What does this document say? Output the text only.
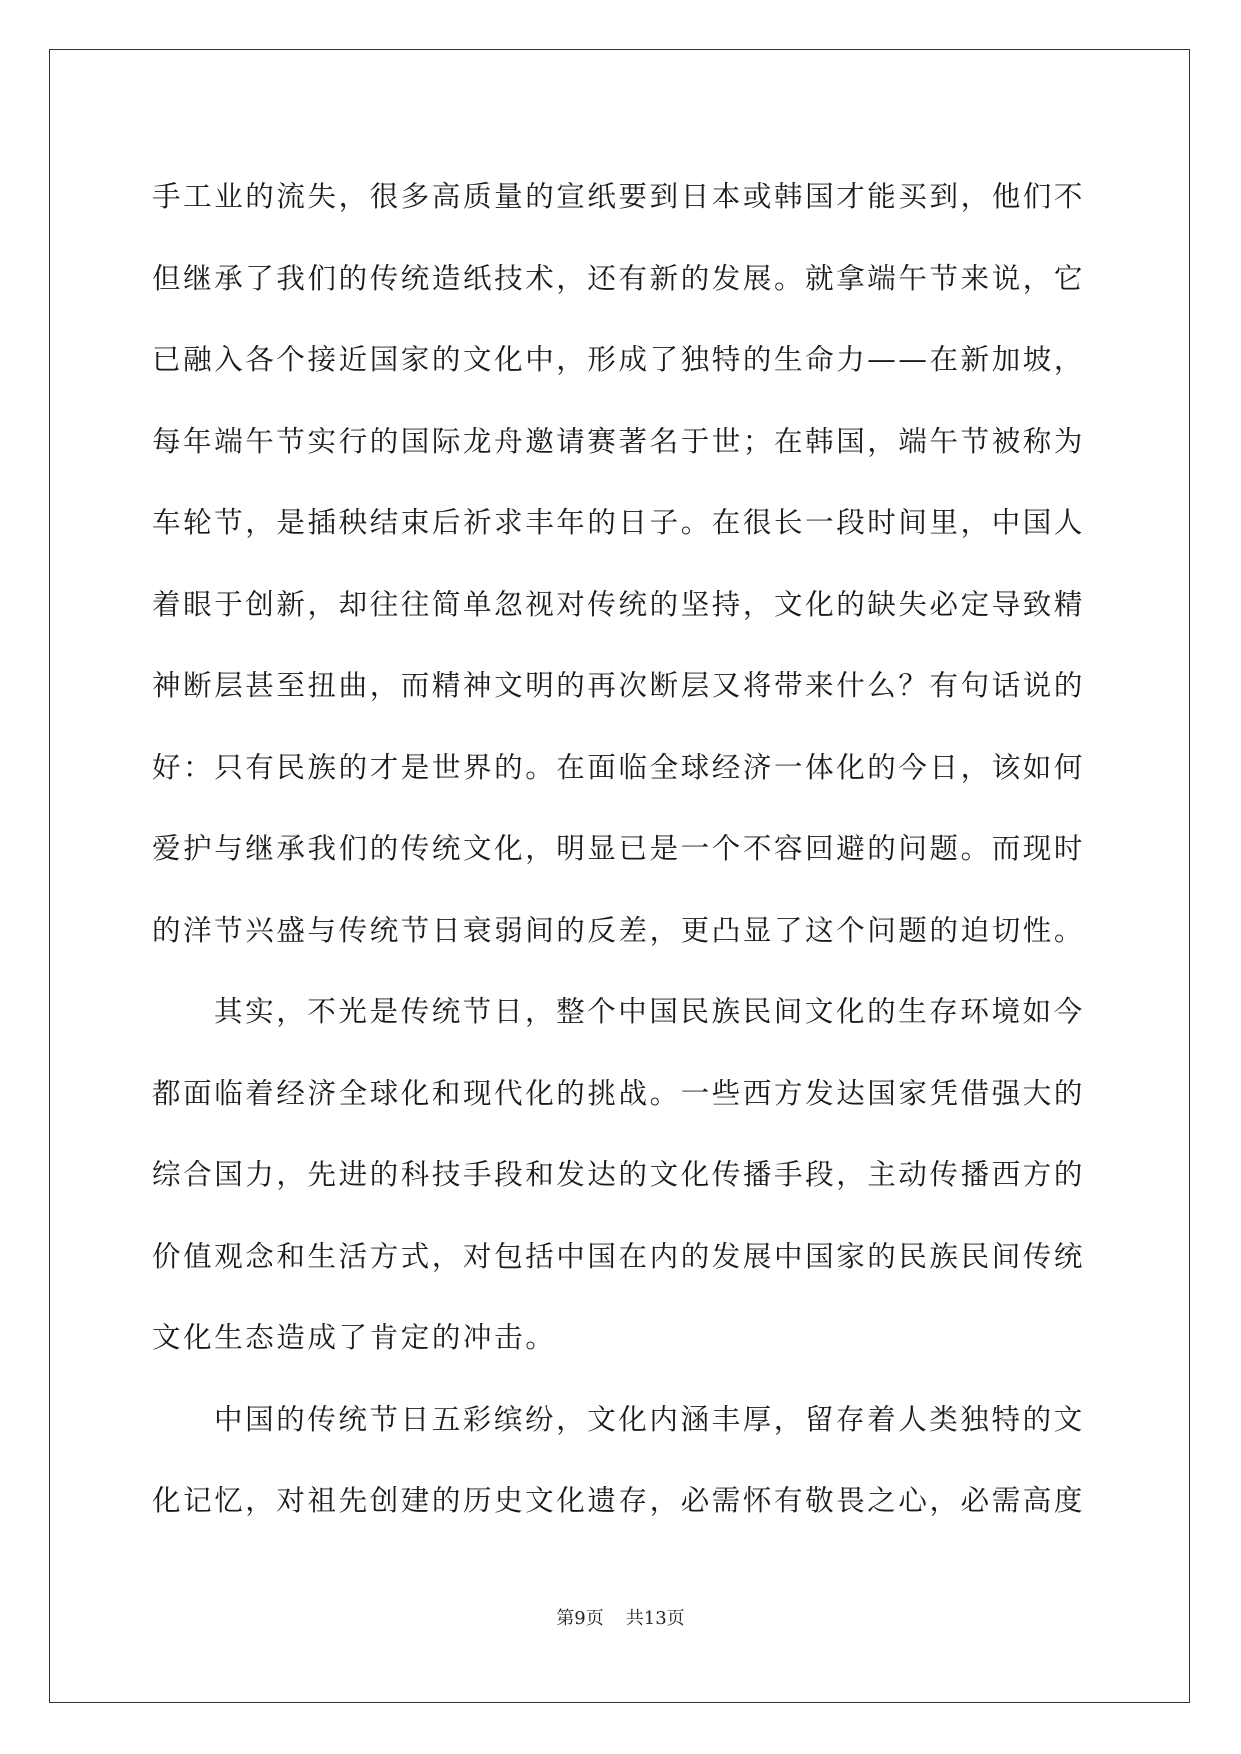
手工业的流失，很多高质量的宣纸要到日本或韩国才能买到，他们不
但继承了我们的传统造纸技术，还有新的发展。就拿端午节来说，它
已融入各个接近国家的文化中，形成了独特的生命力——在新加坡，
每年端午节实行的国际龙舟邀请赛著名于世；在韩国，端午节被称为
车轮节，是插秧结束后祈求丰年的日子。在很长一段时间里，中国人
着眼于创新，却往往简单忽视对传统的坚持，文化的缺失必定导致精
神断层甚至扭曲，而精神文明的再次断层又将带来什么？有句话说的
好：只有民族的才是世界的。在面临全球经济一体化的今日，该如何
爱护与继承我们的传统文化，明显已是一个不容回避的问题。而现时
的洋节兴盛与传统节日衰弱间的反差，更凸显了这个问题的迫切性。

其实，不光是传统节日，整个中国民族民间文化的生存环境如今
都面临着经济全球化和现代化的挑战。一些西方发达国家凭借强大的
综合国力，先进的科技手段和发达的文化传播手段，主动传播西方的
价值观念和生活方式，对包括中国在内的发展中国家的民族民间传统
文化生态造成了肯定的冲击。

中国的传统节日五彩缤纷，文化内涵丰厚，留存着人类独特的文
化记忆，对祖先创建的历史文化遗存，必需怀有敬畏之心，必需高度

第9页 共13页
